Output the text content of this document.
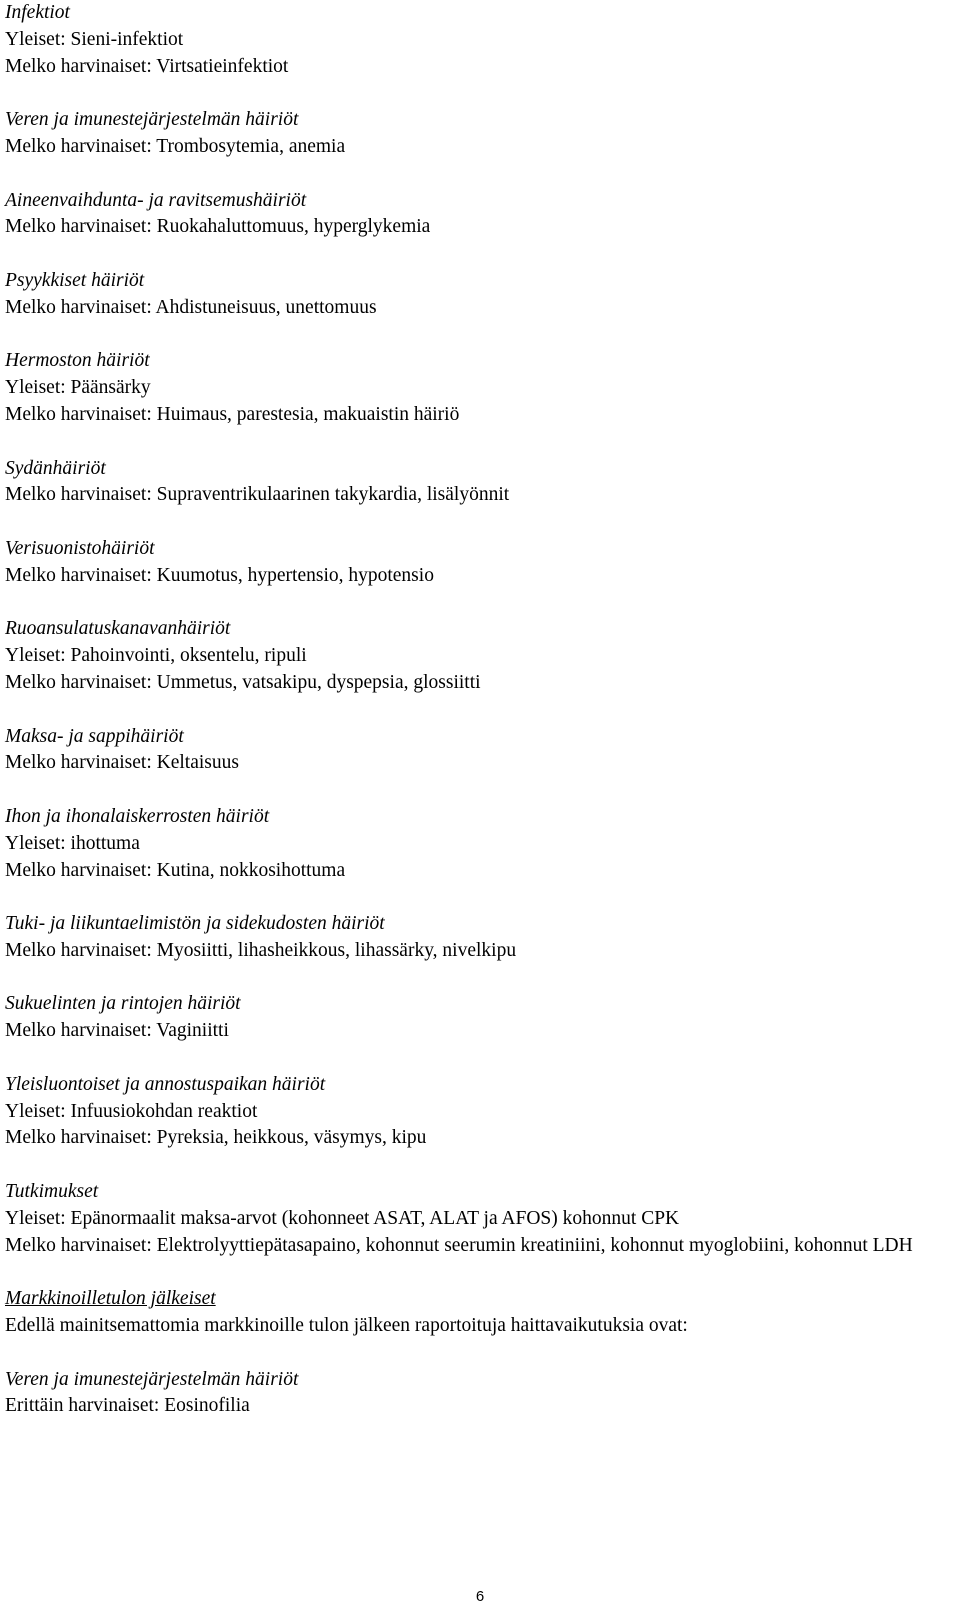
Infektiot
Yleiset: Sieni-infektiot
Melko harvinaiset: Virtsatieinfektiot
Veren ja imunestejärjestelmän häiriöt
Melko harvinaiset: Trombosytemia, anemia
Aineenvaihdunta- ja ravitsemushäiriöt
Melko harvinaiset: Ruokahaluttomuus, hyperglykemia
Psyykkiset häiriöt
Melko harvinaiset: Ahdistuneisuus, unettomuus
Hermoston häiriöt
Yleiset: Päänsärky
Melko harvinaiset: Huimaus, parestesia, makuaistin häiriö
Sydänhäiriöt
Melko harvinaiset: Supraventrikulaarinen takykardia, lisälyönnit
Verisuonistohäiriöt
Melko harvinaiset: Kuumotus, hypertensio, hypotensio
Ruoansulatuskanavanhäiriöt
Yleiset: Pahoinvointi, oksentelu, ripuli
Melko harvinaiset: Ummetus, vatsakipu, dyspepsia, glossiitti
Maksa- ja sappihäiriöt
Melko harvinaiset: Keltaisuus
Ihon ja ihonalaiskerrosten häiriöt
Yleiset: ihottuma
Melko harvinaiset: Kutina, nokkosihottuma
Tuki- ja liikuntaelimistön ja sidekudosten häiriöt
Melko harvinaiset: Myosiitti, lihasheikkous, lihassärky, nivelkipu
Sukuelinten ja rintojen häiriöt
Melko harvinaiset: Vaginiitti
Yleisluontoiset ja annostuspaikan häiriöt
Yleiset: Infuusiokohdan reaktiot
Melko harvinaiset: Pyreksia, heikkous, väsymys, kipu
Tutkimukset
Yleiset: Epänormaalit maksa-arvot (kohonneet ASAT, ALAT ja AFOS) kohonnut CPK
Melko harvinaiset: Elektrolyyttiepätasapaino, kohonnut seerumin kreatiniini, kohonnut myoglobiini, kohonnut LDH
Markkinoilletulon jälkeiset
Edellä mainitsemattomia markkinoille tulon jälkeen raportoituja haittavaikutuksia ovat:
Veren ja imunestejärjestelmän häiriöt
Erittäin harvinaiset: Eosinofilia
6
